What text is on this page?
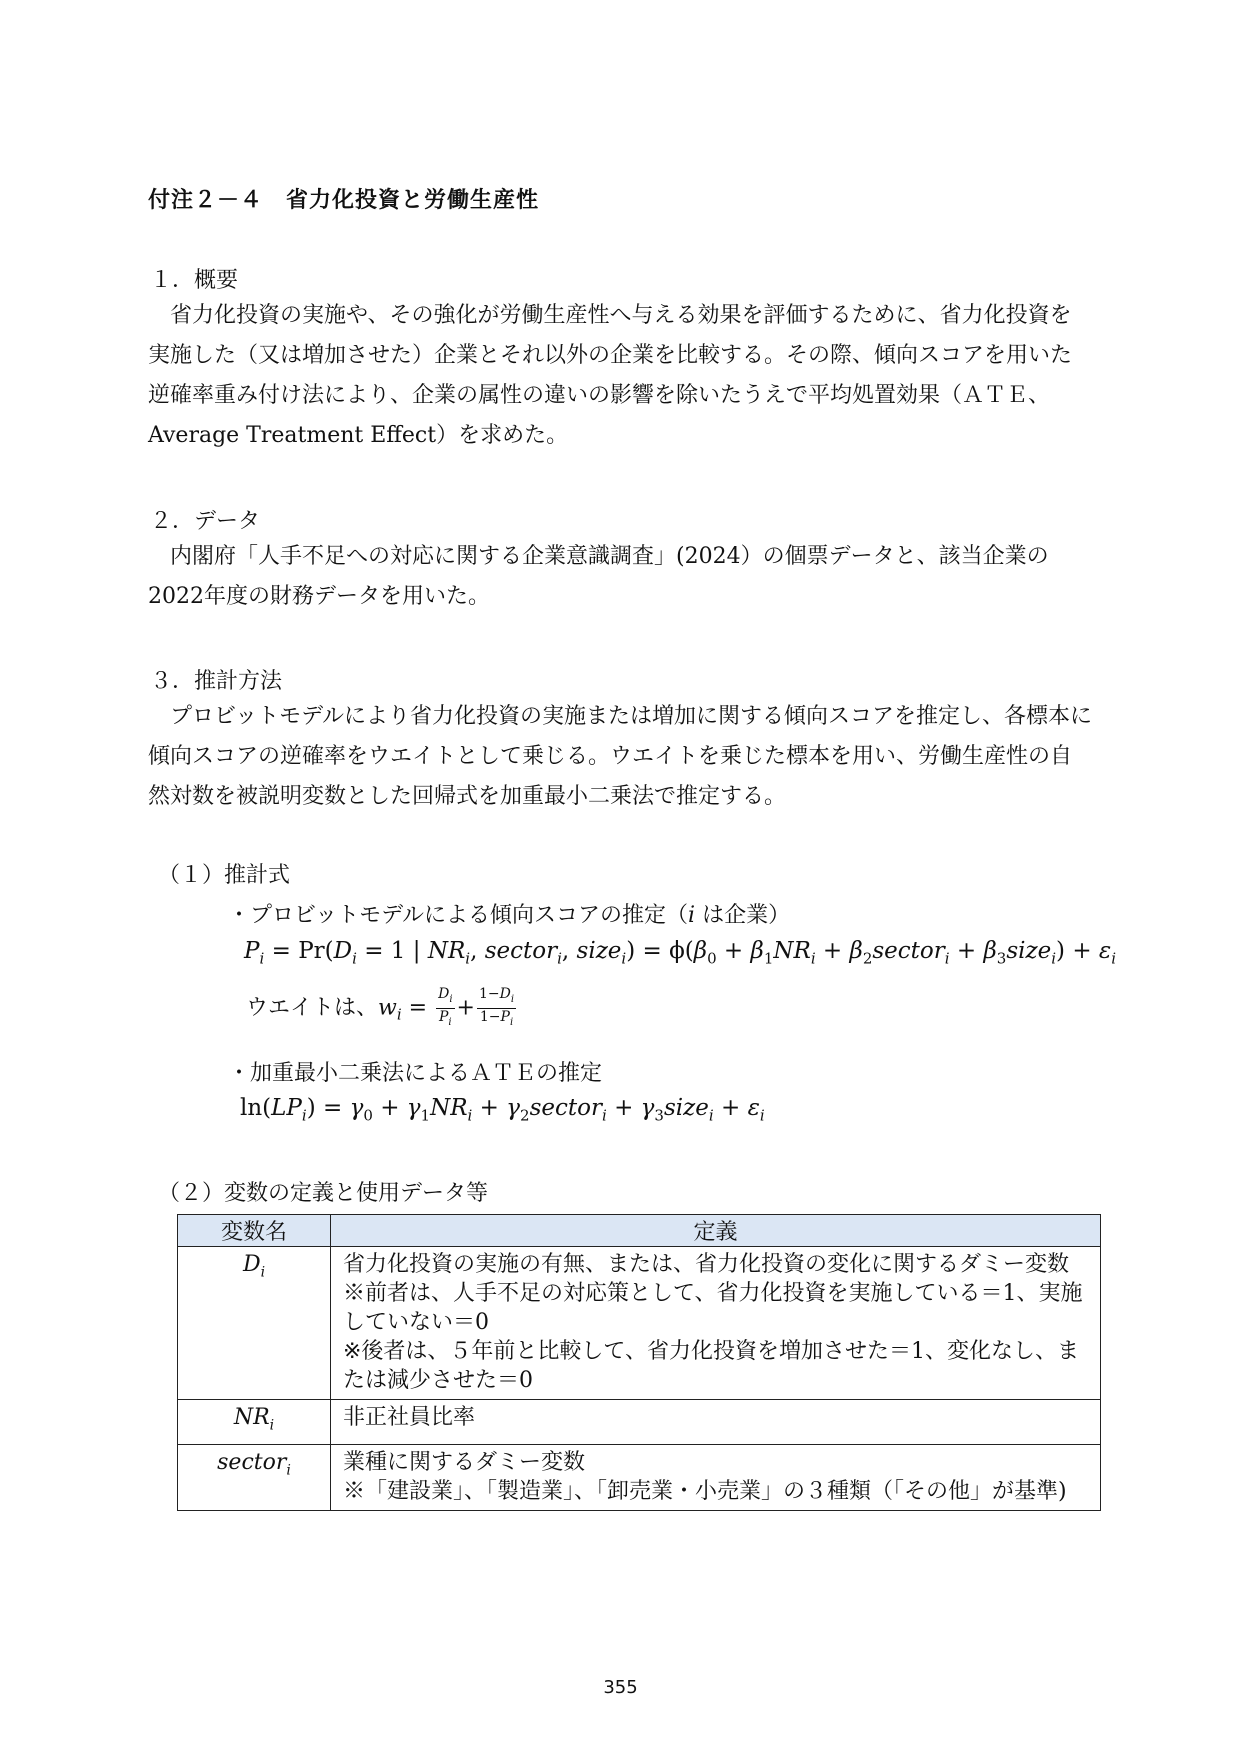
付注２－４　省力化投資と労働生産性
１．概要
省力化投資の実施や、その強化が労働生産性へ与える効果を評価するために、省力化投資を実施した（又は増加させた）企業とそれ以外の企業を比較する。その際、傾向スコアを用いた逆確率重み付け法により、企業の属性の違いの影響を除いたうえで平均処置効果（ＡＴＥ、Average Treatment Effect）を求めた。
２．データ
内閣府「人手不足への対応に関する企業意識調査」(2024）の個票データと、該当企業の2022年度の財務データを用いた。
３．推計方法
プロビットモデルにより省力化投資の実施または増加に関する傾向スコアを推定し、各標本に傾向スコアの逆確率をウエイトとして乗じる。ウエイトを乗じた標本を用い、労働生産性の自然対数を被説明変数とした回帰式を加重最小二乗法で推定する。
（１）推計式
・プロビットモデルによる傾向スコアの推定（i は企業）
$P_i = Pr(D_i = 1$ | $NR_i$, sector$_i$, size$_i$) = $\phi(\beta_0 + \beta_1NR_i$ + $\beta_2sector_i$ + $\beta_3size_i) + \varepsilon_i$
ウエイトは、$w_i = \frac{D_i}{P_i} + \frac{1-D_i}{1-P_i}$
・加重最小二乗法によるＡＴＥの推定
$\ln(LP_i) = \gamma_0 + \gamma_1NR_i$ + $\gamma_2sector_i$ + $\gamma_3size_i + \varepsilon_i$
（２）変数の定義と使用データ等
変数名	定義
$D_i$	省力化投資の実施の有無、または、省力化投資の変化に関するダミー変数
※前者は、人手不足の対応策として、省力化投資を実施している＝1、実施していない＝0
※後者は、５年前と比較して、省力化投資を増加させた＝1、変化なし、または減少させた＝0
$NR_i$	非正社員比率
sector$_i$	業種に関するダミー変数
※「建設業」、「製造業」、「卸売業・小売業」の３種類（「その他」が基準)
355
